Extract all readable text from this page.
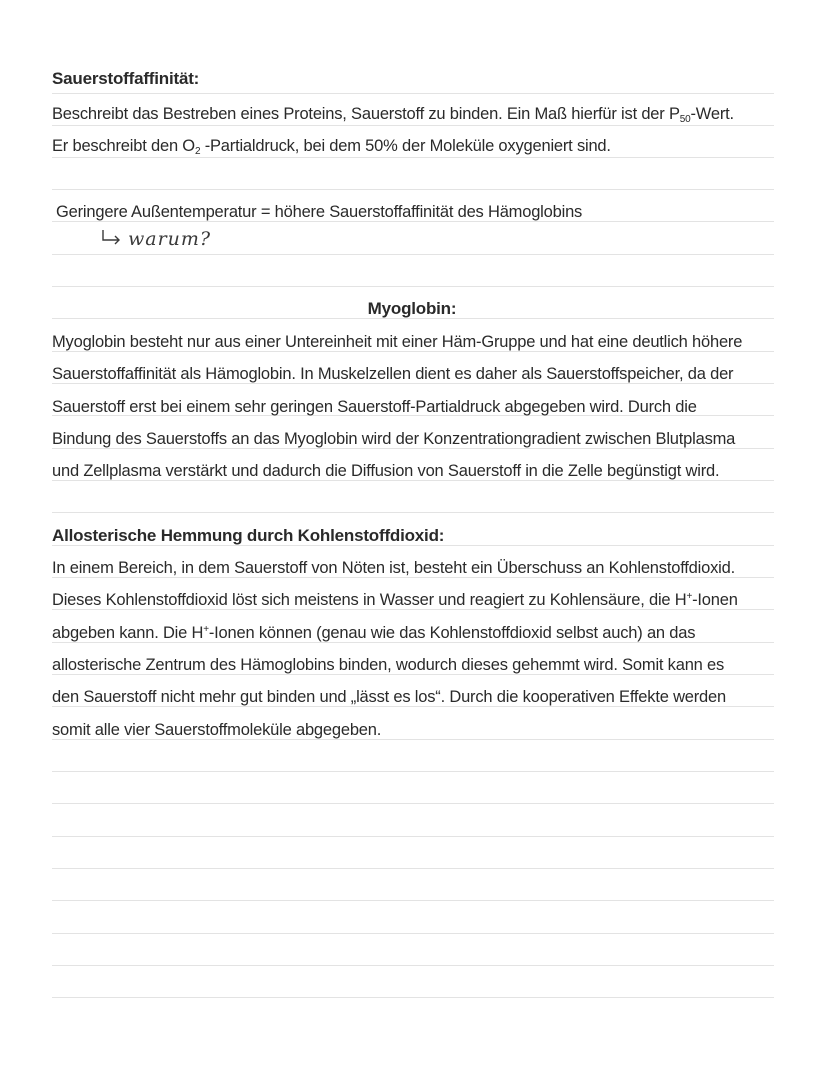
Sauerstoffaffinität:
Beschreibt das Bestreben eines Proteins, Sauerstoff zu binden. Ein Maß hierfür ist der $P_{50}$-Wert.
Er beschreibt den $O_2$ -Partialdruck, bei dem 50% der Moleküle oxygeniert sind.
Geringere Außentemperatur = höhere Sauerstoffaffinität des Hämoglobins
warum?
Myoglobin:
Myoglobin besteht nur aus einer Untereinheit mit einer Häm-Gruppe und hat eine deutlich höhere
Sauerstoffaffinität als Hämoglobin. In Muskelzellen dient es daher als Sauerstoffspeicher, da der
Sauerstoff erst bei einem sehr geringen Sauerstoff-Partialdruck abgegeben wird. Durch die
Bindung des Sauerstoffs an das Myoglobin wird der Konzentrationgradient zwischen Blutplasma
und Zellplasma verstärkt und dadurch die Diffusion von Sauerstoff in die Zelle begünstigt wird.
Allosterische Hemmung durch Kohlenstoffdioxid:
In einem Bereich, in dem Sauerstoff von Nöten ist, besteht ein Überschuss an Kohlenstoffdioxid.
Dieses Kohlenstoffdioxid löst sich meistens in Wasser und reagiert zu Kohlensäure, die H+-Ionen
abgeben kann. Die H+-Ionen können (genau wie das Kohlenstoffdioxid selbst auch) an das
allosterische Zentrum des Hämoglobins binden, wodurch dieses gehemmt wird. Somit kann es
den Sauerstoff nicht mehr gut binden und „lässt es los“. Durch die kooperativen Effekte werden
somit alle vier Sauerstoffmoleküle abgegeben.
